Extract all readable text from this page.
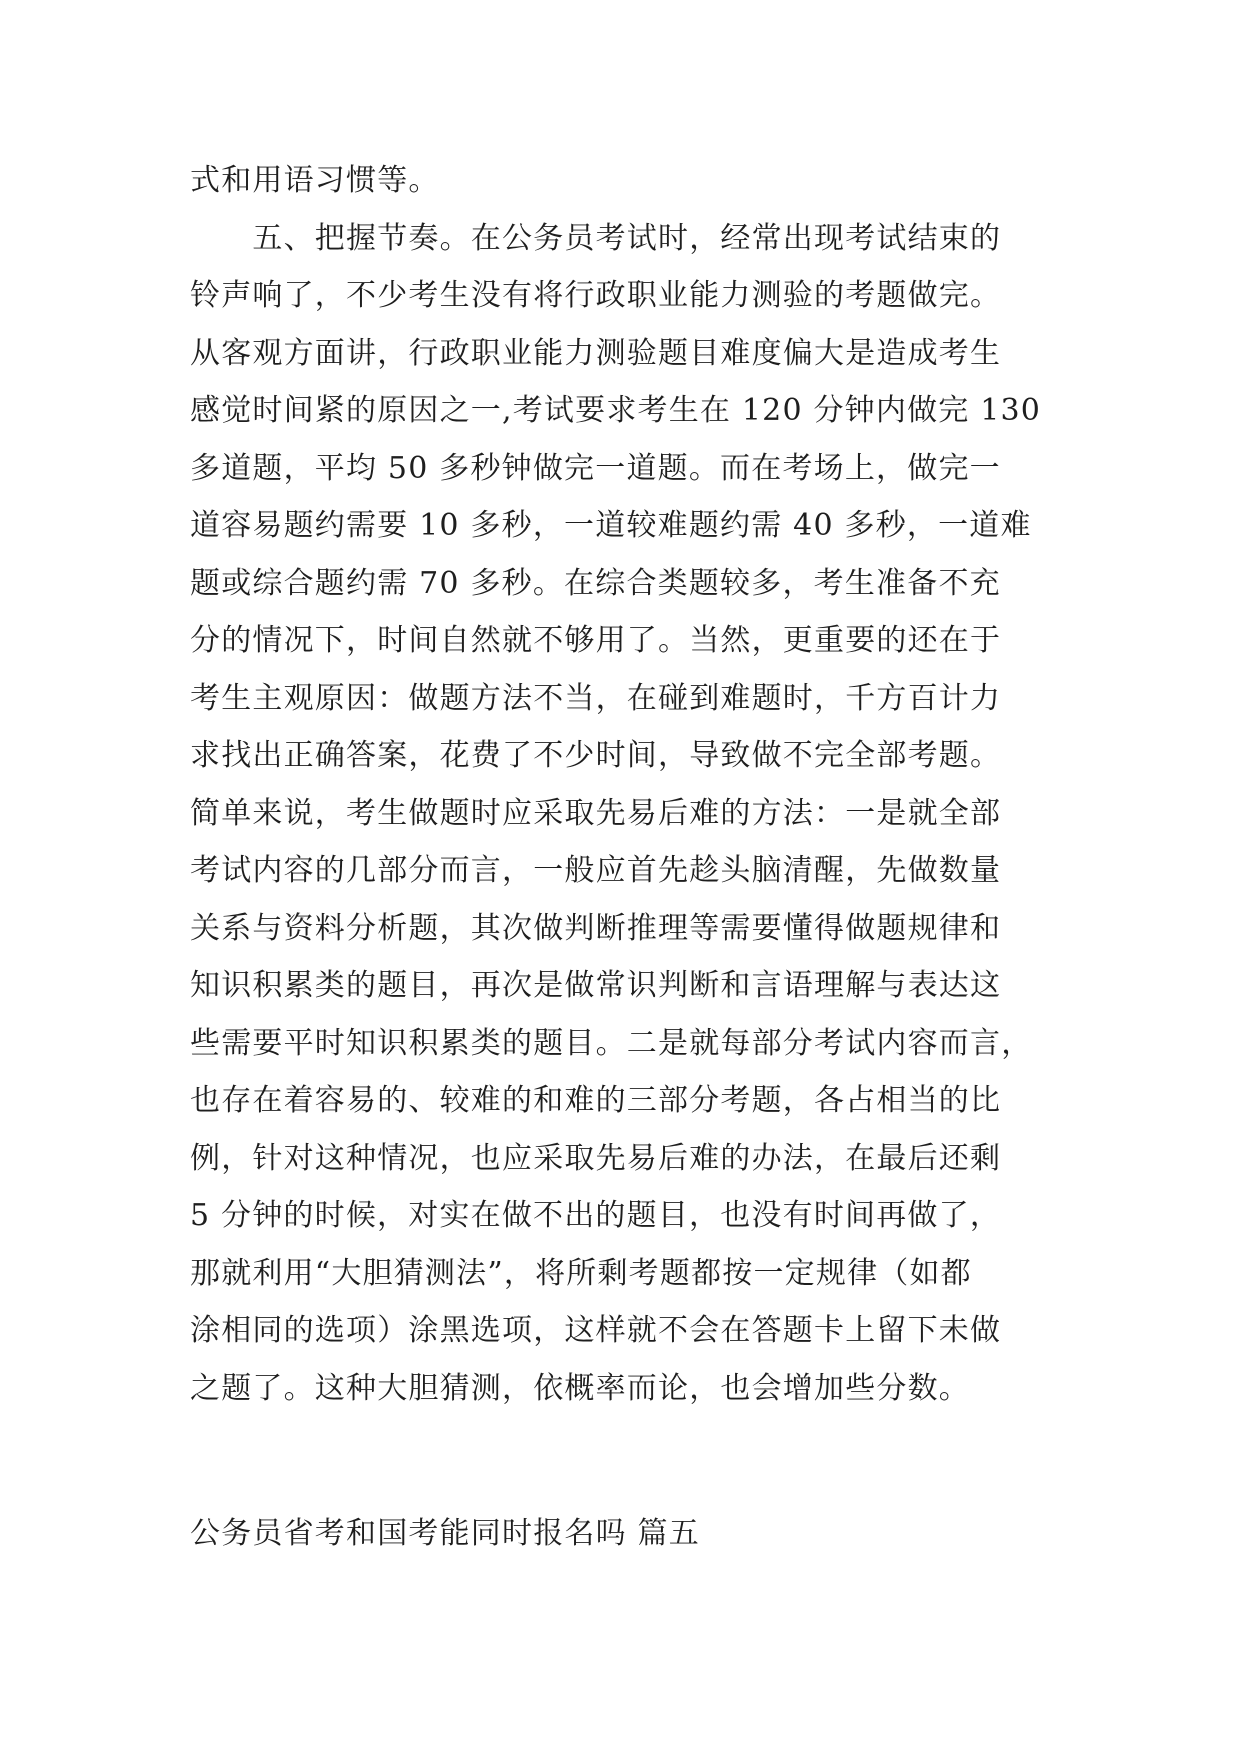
式和用语习惯等。
　　五、把握节奏。在公务员考试时，经常出现考试结束的
铃声响了，不少考生没有将行政职业能力测验的考题做完。
从客观方面讲，行政职业能力测验题目难度偏大是造成考生
感觉时间紧的原因之一,考试要求考生在 120 分钟内做完 130
多道题，平均 50 多秒钟做完一道题。而在考场上，做完一
道容易题约需要 10 多秒，一道较难题约需 40 多秒，一道难
题或综合题约需 70 多秒。在综合类题较多，考生准备不充
分的情况下，时间自然就不够用了。当然，更重要的还在于
考生主观原因：做题方法不当，在碰到难题时，千方百计力
求找出正确答案，花费了不少时间，导致做不完全部考题。
简单来说，考生做题时应采取先易后难的方法：一是就全部
考试内容的几部分而言，一般应首先趁头脑清醒，先做数量
关系与资料分析题，其次做判断推理等需要懂得做题规律和
知识积累类的题目，再次是做常识判断和言语理解与表达这
些需要平时知识积累类的题目。二是就每部分考试内容而言，
也存在着容易的、较难的和难的三部分考题，各占相当的比
例，针对这种情况，也应采取先易后难的办法，在最后还剩
5 分钟的时候，对实在做不出的题目，也没有时间再做了，
那就利用“大胆猜测法”，将所剩考题都按一定规律（如都
涂相同的选项）涂黑选项，这样就不会在答题卡上留下未做
之题了。这种大胆猜测，依概率而论，也会增加些分数。
公务员省考和国考能同时报名吗 篇五
